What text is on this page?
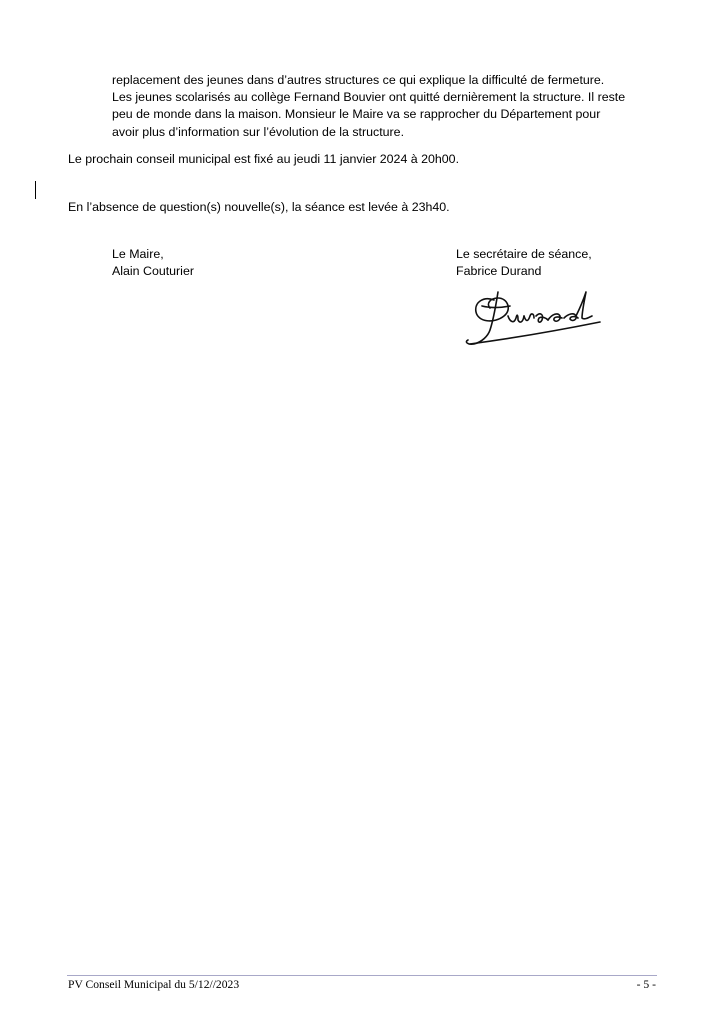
replacement des jeunes dans d’autres structures ce qui explique la difficulté de fermeture.

Les jeunes scolarisés au collège Fernand Bouvier ont quitté dernièrement la structure. Il reste

peu de monde dans la maison. Monsieur le Maire va se rapprocher du Département pour

avoir plus d’information sur l’évolution de la structure.

Le prochain conseil municipal est fixé au jeudi 11 janvier 2024 à 20h00.
En l’absence de question(s) nouvelle(s), la séance est levée à 23h40.
Le Maire,
Alain Couturier
Le secrétaire de séance,
Fabrice Durand
PV Conseil Municipal du 5/12//2023	- 5 -
